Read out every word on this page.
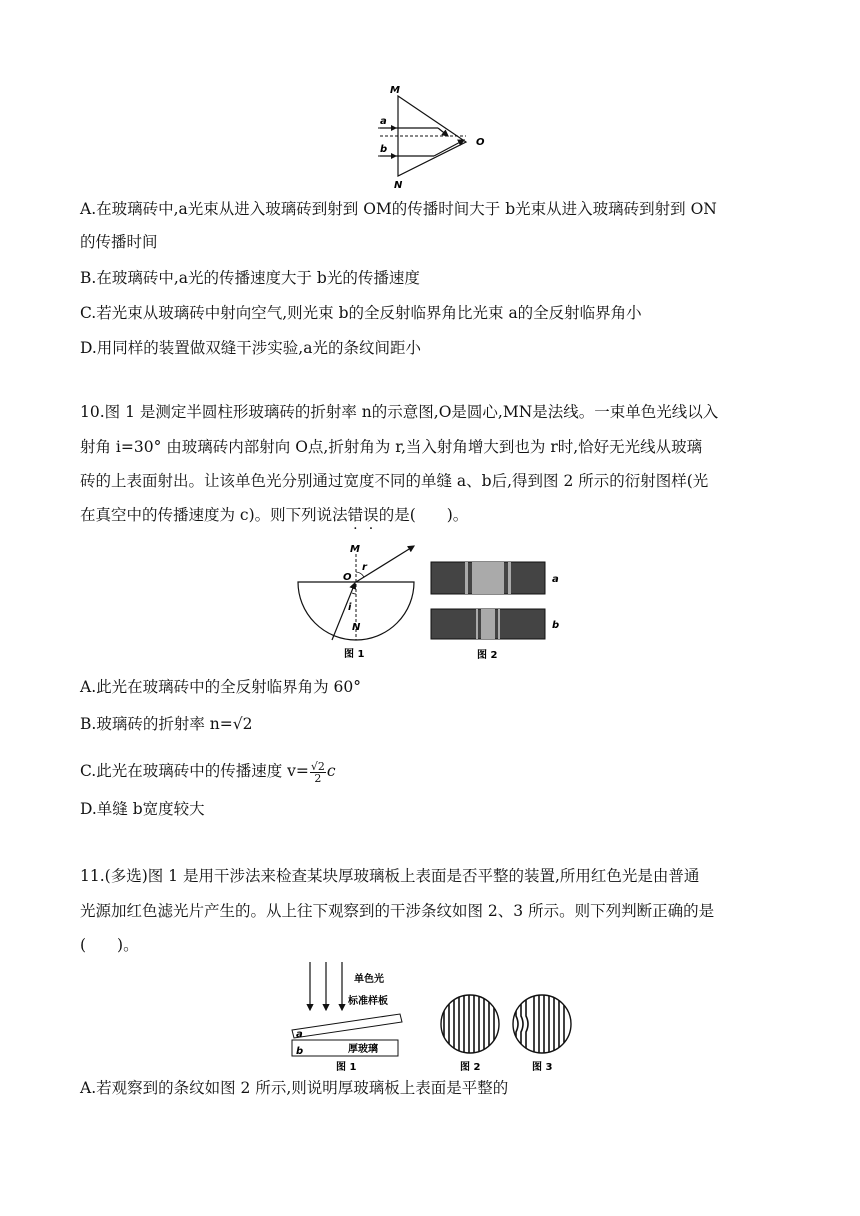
M
a
b
O
N
A.在玻璃砖中,a光束从进入玻璃砖到射到 OM的传播时间大于 b光束从进入玻璃砖到射到 ON
的传播时间
B.在玻璃砖中,a光的传播速度大于 b光的传播速度
C.若光束从玻璃砖中射向空气,则光束 b的全反射临界角比光束 a的全反射临界角小
D.用同样的装置做双缝干涉实验,a光的条纹间距小
10.图 1 是测定半圆柱形玻璃砖的折射率 n的示意图,O是圆心,MN是法线。一束单色光线以入
射角 i=30° 由玻璃砖内部射向 O点,折射角为 r,当入射角增大到也为 r时,恰好无光线从玻璃
砖的上表面射出。让该单色光分别通过宽度不同的单缝 a、b后,得到图 2 所示的衍射图样(光
在真空中的传播速度为 c)。则下列说法错误的是(　　)。
M
O
r
i
N
图 1
a
b
图 2
A.此光在玻璃砖中的全反射临界角为 60°
B.玻璃砖的折射率 n=√2
C.此光在玻璃砖中的传播速度 $v= \frac{√2}{2}$ c
D.单缝 b宽度较大
11.(多选)图 1 是用干涉法来检查某块厚玻璃板上表面是否平整的装置,所用红色光是由普通
光源加红色滤光片产生的。从上往下观察到的干涉条纹如图 2、3 所示。则下列判断正确的是
(　　)。
单色光
标准样板
厚玻璃
a
b
图 1	图 2	图 3
A.若观察到的条纹如图 2 所示,则说明厚玻璃板上表面是平整的
